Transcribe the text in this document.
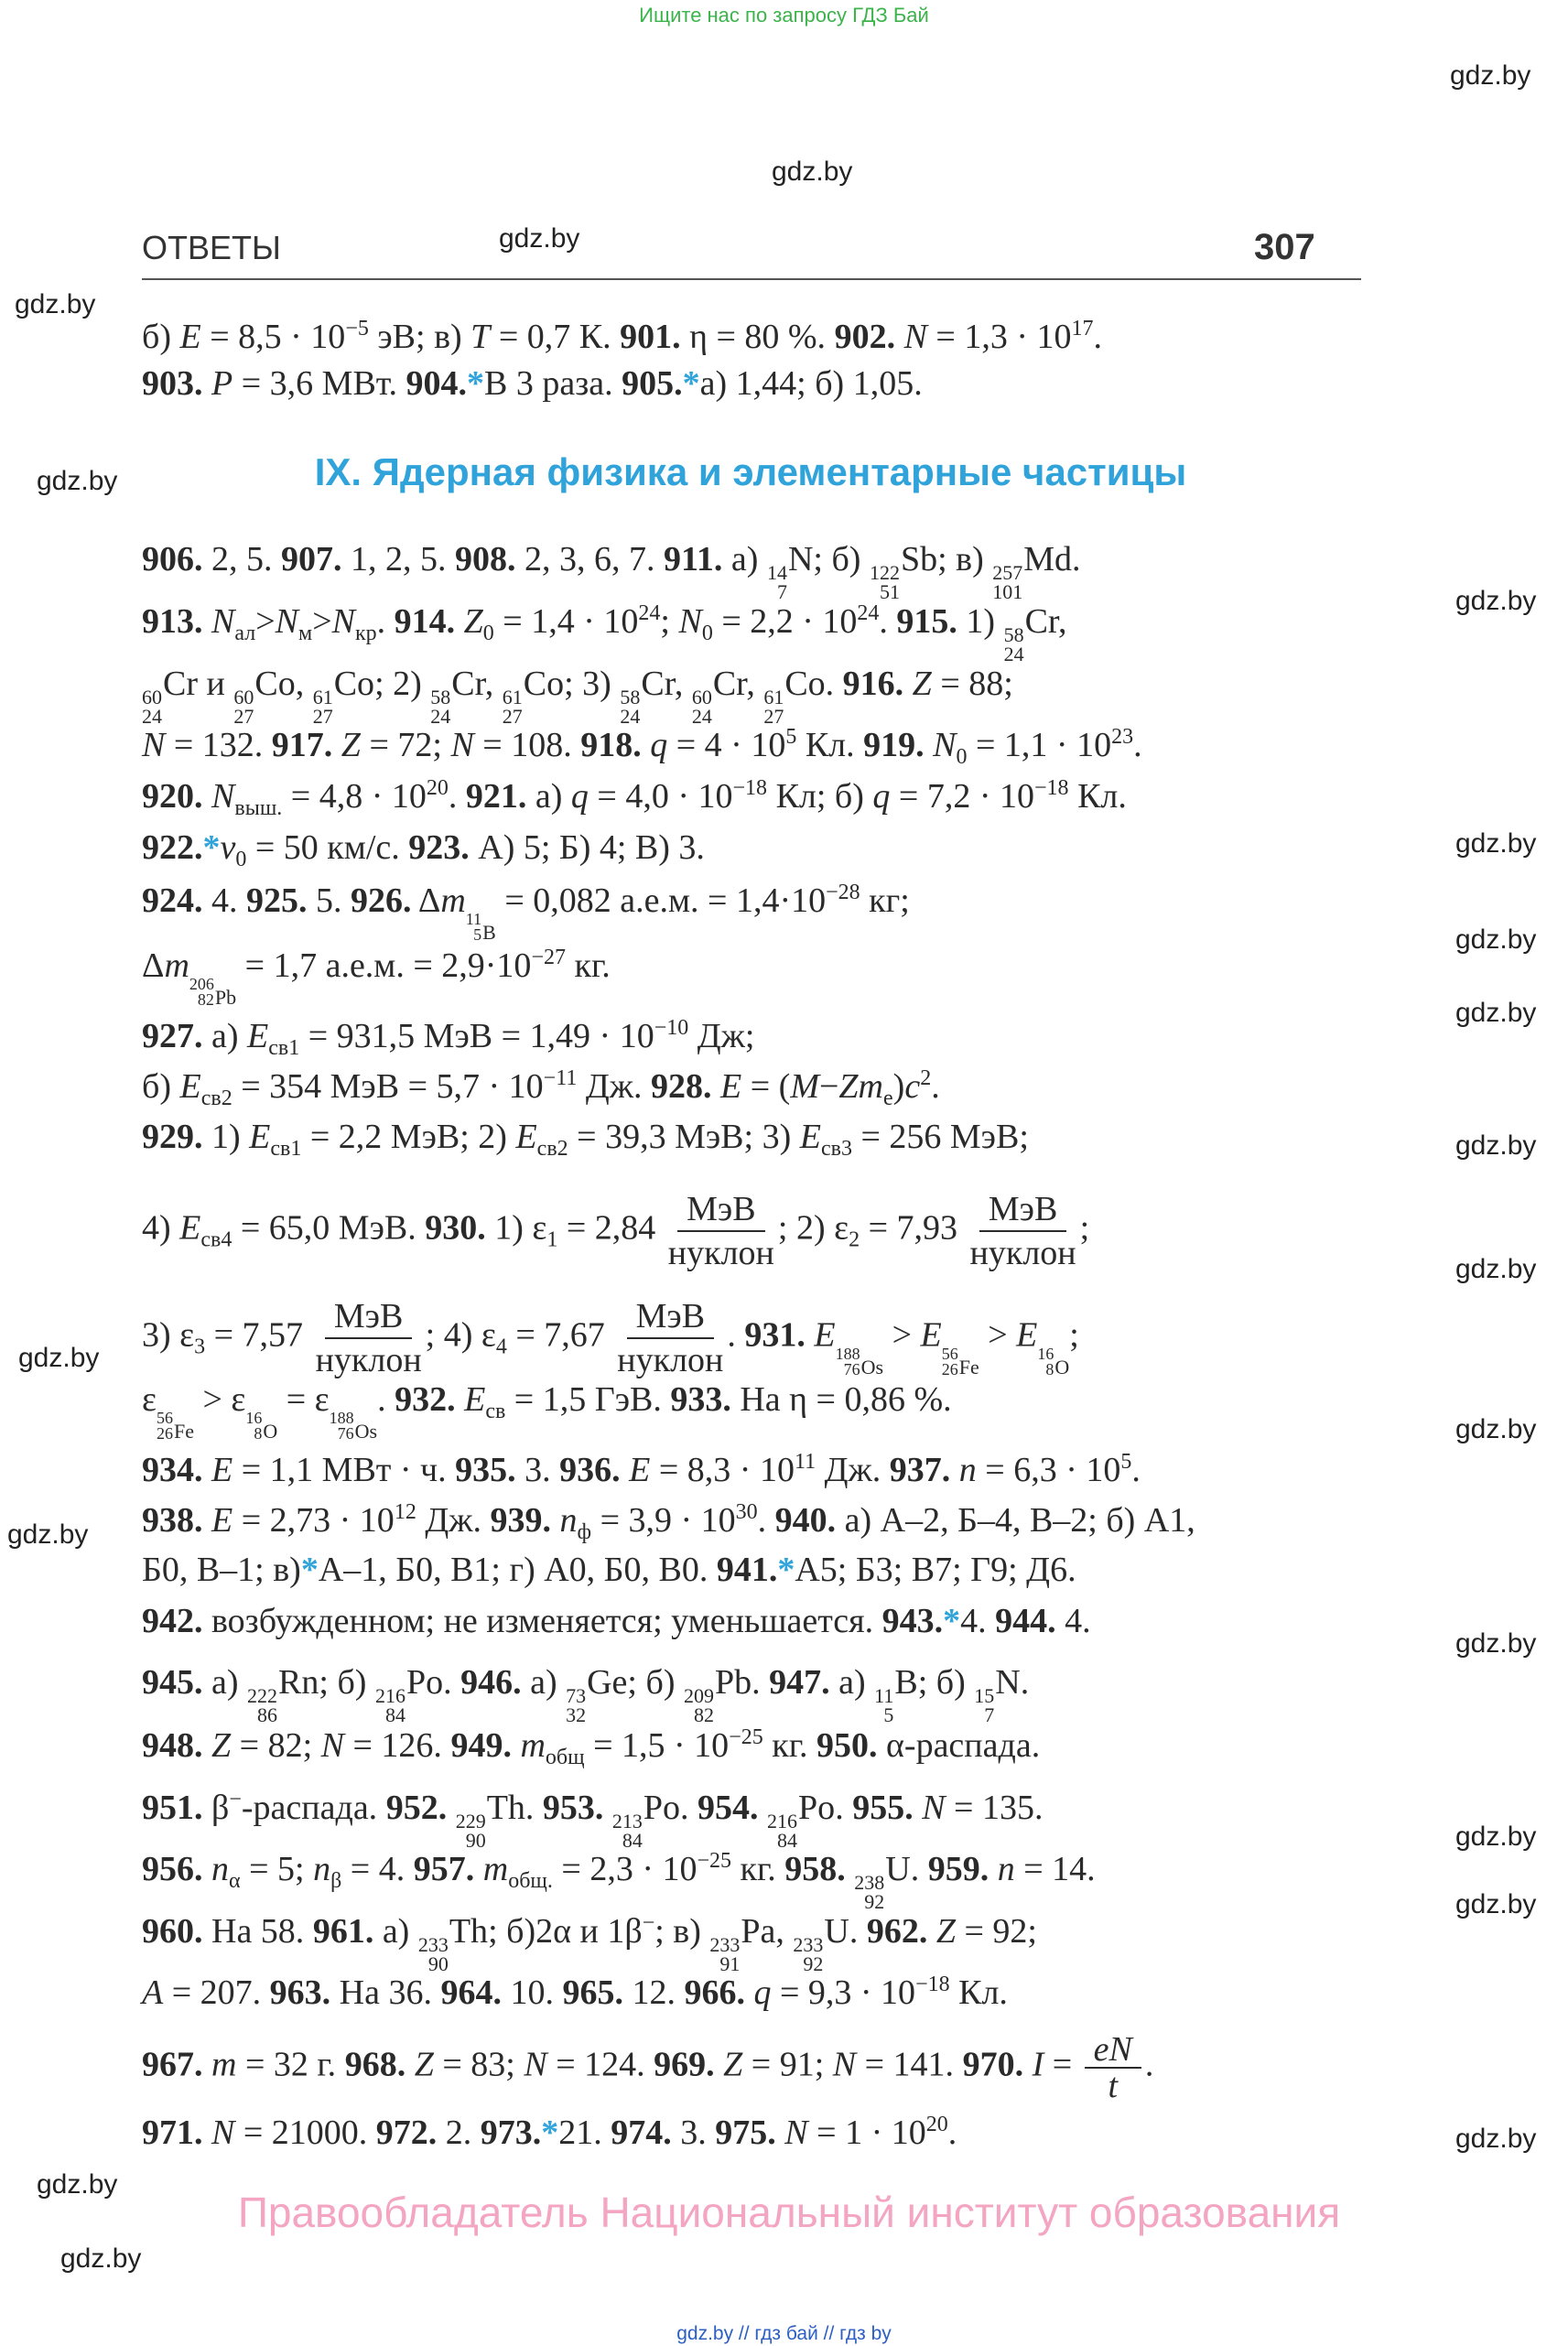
Ищите нас по запросу ГДЗ Бай
ОТВЕТЫ	307
IX. Ядерная физика и элементарные частицы
б) $E = 8,5 \cdot 10^{-5}$ эВ; в) T = 0,7 К. 901. η = 80 %. 902. $N = 1,3 \cdot 10^{17}$.
903. P = 3,6 МВт. 904.*В 3 раза. 905.*а) 1,44; б) 1,05.
906. 2, 5. 907. 1, 2, 5. 908. 2, 3, 6, 7. 911. а) 14
7
N; б) 122
51
Sb; в) 257
101
Md.
913. $N_{ал}>N_м>N_{кр}$. 914. $Z_0 = 1,4 \cdot 10^{24}$; $N_0 = 2,2 \cdot 10^{24}$. 915. 1) 58
24
Cr,
60
24
Cr и 60
27
Co, 61
27
Co; 2) 58
24
Cr, 61
27
Co; 3) 58
24
Cr, 60
24
Cr, 61
27
Co. 916. Z = 88;
N = 132. 917. Z = 72; N = 108. 918. $q = 4 \cdot 10^5$ Кл. 919. $N_0 = 1,1 \cdot 10^{23}$.
920. $N_{выш.} = 4,8 \cdot 10^{20}$. 921. а) $q = 4,0 \cdot 10^{-18}$ Кл; б) $q = 7,2 \cdot 10^{-18}$ Кл.
$922.*v_0 = 50$ км/с. 923. А) 5; Б) 4; В) 3.
924. 4. 925. 5. 926. Δm 11
5 B
= 0,082 а.е.м. = $1,4\cdot 10^{-28}$ кг;
Δm 206
82 Pb
= 1,7 а.е.м. = $2,9\cdot 10^{-27}$ кг.
927. а) $E_{св1} = 931,5$ МэВ = $1,49 \cdot 10^{-10}$ Дж;
б) $E_{св2} = 354$ МэВ = $5,7 \cdot 10^{-11}$ Дж. 928. $E = (M-Zm_e)c^2$.
929. 1) $E_{св1} = 2,2$ МэВ; 2) $E_{св2} = 39,3$ МэВ; 3) $E_{св3} = 256$ МэВ;
4) $E_{св4} = 65,0$ МэВ. 930. 1) $\varepsilon_1 = 2,84 \frac{\text{МэВ}}{\text{нуклон}}$ ; 2) $\varepsilon_2 = 7,93 \frac{\text{МэВ}}{\text{нуклон}}$ ;
3) $\varepsilon_3 = 7,57 \frac{\text{МэВ}}{\text{нуклон}}$ ; 4) $\varepsilon_4 = 7,67 \frac{\text{МэВ}}{\text{нуклон}}$ . 931. E 188
76 Os
> E 56
26 Fe
> E 16
8 O
;
ε 56
26 Fe
> ε 16
8 O
= ε 188
76 Os
. 932. $E_{св} = 1,5$ ГэВ. 933. На η = 0,86 %.
934. E = 1,1 МВт · ч. 935. 3. 936. $E = 8,3 \cdot 10^{11}$ Дж. 937. $n = 6,3 \cdot 10^5$.
938. $E = 2,73 \cdot 10^{12}$ Дж. 939. $n_ф = 3,9 \cdot 10^{30}$. 940. а) А–2, Б–4, В–2; б) А1,
Б0, В–1; в)*А–1, Б0, В1; г) А0, Б0, В0. 941.*А5; Б3; В7; Г9; Д6.
942. возбужденном; не изменяется; уменьшается. 943.*4. 944. 4.
945. а) 222
86
Rn; б) 216
84
Po. 946. а) 73
32
Ge; б) 209
82
Pb. 947. а) 11
5
B; б) 15
7
N.
948. Z = 82; N = 126. 949. $m_{общ} = 1,5 \cdot 10^{-25}$ кг. 950. α-распада.
951. β−-распада. 952. 229
90
Th. 953. 213
84
Po. 954. 216
84
Po. 955. N = 135.
956. $n_\alpha = 5$; $n_\beta = 4$. 957. $m_{общ.} = 2,3 \cdot 10^{-25}$ кг. 958. 238
92
U. 959. n = 14.
960. На 58. 961. а) 233
90
Th; б)2α и 1β−; в) 233
91
Pa, 233
92
U. 962. Z = 92;
A = 207. 963. На 36. 964. 10. 965. 12. 966. $q = 9,3 \cdot 10^{-18}$ Кл.
967. m = 32 г. 968. Z = 83; N = 124. 969. Z = 91; N = 141. 970. $I = \frac{eN}{t}$ .
971. N = 21000. 972. 2. 973.*21. 974. 3. 975. $N = 1 \cdot 10^{20}$.
gdz.by
gdz.by
gdz.by
gdz.by
gdz.by
gdz.by
gdz.by
gdz.by
gdz.by
gdz.by
gdz.by
gdz.by
gdz.by
gdz.by
gdz.by
gdz.by
gdz.by
gdz.by
gdz.by
gdz.by
Правообладатель Национальный институт образования
gdz.by // гдз бай // гдз by
